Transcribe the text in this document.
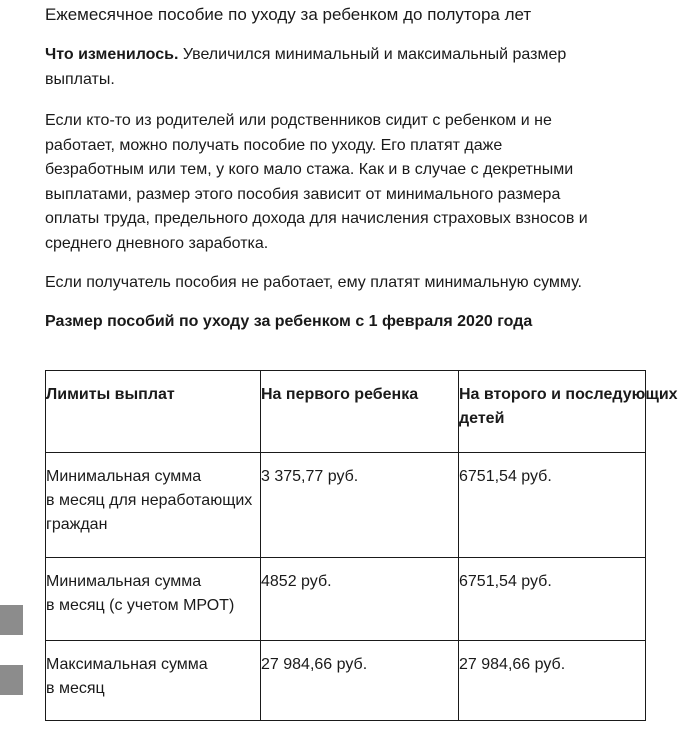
Ежемесячное пособие по уходу за ребенком до полутора лет

Что изменилось. Увеличился минимальный и максимальный размер выплаты.

Если кто-то из родителей или родственников сидит с ребенком и не работает, можно получать пособие по уходу. Его платят даже безработным или тем, у кого мало стажа. Как и в случае с декретными выплатами, размер этого пособия зависит от минимального размера оплаты труда, предельного дохода для начисления страховых взносов и среднего дневного заработка.

Если получатель пособия не работает, ему платят минимальную сумму.

Размер пособий по уходу за ребенком с 1 февраля 2020 года
Лимиты выплат	На первого ребенка	На второго и последующих
детей
Минимальная сумма
в месяц для неработающих
граждан	3 375,77 руб.	6751,54 руб.
Минимальная сумма
в месяц (с учетом МРОТ)	4852 руб.	6751,54 руб.
Максимальная сумма
в месяц	27 984,66 руб.	27 984,66 руб.
